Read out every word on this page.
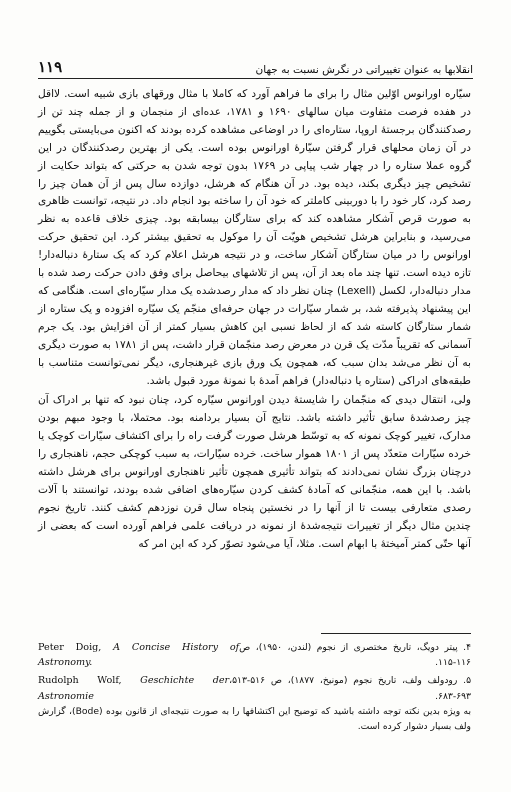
۱۱۹	انقلابها به عنوان تغییراتی در نگرش نسبت به جهان

سیّاره اورانوس اوّلین مثال را برای ما فراهم آورد که کاملا با مثال ورقهای بازی شبیه است. لااقل در هفده فرصت متفاوت میان سالهای ۱۶۹۰ و ۱۷۸۱، عده‌ای از منجمان و از جمله چند تن از رصدکنندگان برجستهٔ اروپا، ستاره‌ای را در اوضاعی مشاهده کرده بودند که اکنون می‌بایستی بگوییم در آن زمان محلهای قرار گرفتن سیّارهٔ اورانوس بوده است. یکی از بهترین رصدکنندگان در این گروه عملا ستاره را در چهار شب پیاپی در ۱۷۶۹ بدون توجه شدن به حرکتی که بتواند حکایت از تشخیص چیز دیگری بکند، دیده بود. در آن هنگام که هرشل، دوازده سال پس از آن همان چیز را رصد کرد، کار خود را با دوربینی کاملتر که خود آن را ساخته بود انجام داد. در نتیجه، توانست ظاهری به صورت قرص آشکار مشاهده کند که برای ستارگان بیسابقه بود. چیزی خلاف قاعده به نظر می‌رسید، و بنابراین هرشل تشخیص هویّت آن را موکول به تحقیق بیشتر کرد. این تحقیق حرکت اورانوس را در میان ستارگان آشکار ساخت، و در نتیجه هرشل اعلام کرد که یک ستارهٔ دنباله‌دار! تازه دیده است. تنها چند ماه بعد از آن، پس از تلاشهای بیحاصل برای وفق دادن حرکت رصد شده با مدار دنباله‌دار، لکسل (Lexell) چنان نظر داد که مدار رصدشده یک مدار سیّاره‌ای است. هنگامی که این پیشنهاد پذیرفته شد، بر شمار سیّارات در جهان حرفه‌ای منجّم یک سیّاره افزوده و یک ستاره از شمار ستارگان کاسته شد که از لحاظ نسبی این کاهش بسیار کمتر از آن افزایش بود. یک جرم آسمانی که تقریباً مدّت یک قرن در معرض رصد منجّمان قرار داشت، پس از ۱۷۸۱ به صورت دیگری به آن نظر می‌شد بدان سبب که، همچون یک ورق بازی غیرهنجاری، دیگر نمی‌توانست متناسب با طبقه‌های ادراکی (ستاره یا دنباله‌دار) فراهم آمدهٔ با نمونهٔ مورد قبول باشد.

ولی، انتقال دیدی که منجّمان را شایستهٔ دیدن اورانوس سیّاره کرد، چنان نبود که تنها بر ادراک آن چیز رصدشدهٔ سابق تأثیر داشته باشد. نتایج آن بسیار بردامنه بود. محتملا، با وجود مبهم بودن مدارک، تغییر کوچک نمونه که به توسّط هرشل صورت گرفت راه را برای اکتشاف سیّارات کوچک یا خرده سیّارات متعدّد پس از ۱۸۰۱ هموار ساخت. خرده سیّارات، به سبب کوچکی حجم، ناهنجاری را درچنان بزرگ نشان نمی‌دادند که بتواند تأثیری همچون تأثیر ناهنجاری اورانوس برای هرشل داشته باشد. با این همه، منجّمانی که آمادهٔ کشف کردن سیّاره‌های اضافی شده بودند، توانستند با آلات رصدی متعارفی بیست تا از آنها را در نخستین پنجاه سال قرن نوزدهم کشف کنند. تاریخ نجوم چندین مثال دیگر از تغییرات نتیجه‌شدهٔ از نمونه در دریافت علمی فراهم آورده است که بعضی از آنها حتّی کمتر آمیختهٔ با ابهام است. مثلا، آیا می‌شود تصوّر کرد که این امر که

۴. پیتر دویگ، تاریخ مختصری از نجوم (لندن، ۱۹۵۰)، ص ۱۱۶-۱۱۵.
Peter Doig, A Concise History of Astronomy.
۵. رودولف ولف، تاریخ نجوم (مونیخ، ۱۸۷۷)، ص ۵۱۶-۵۱۳، ۶۹۳-۶۸۳.
Rudolph Wolf, Geschichte der Astronomie
به ویژه بدین نکته توجه داشته باشید که توضیح این اکتشافها را به صورت نتیجه‌ای از قانون بوده (Bode)، گزارش ولف بسیار دشوار کرده است.
